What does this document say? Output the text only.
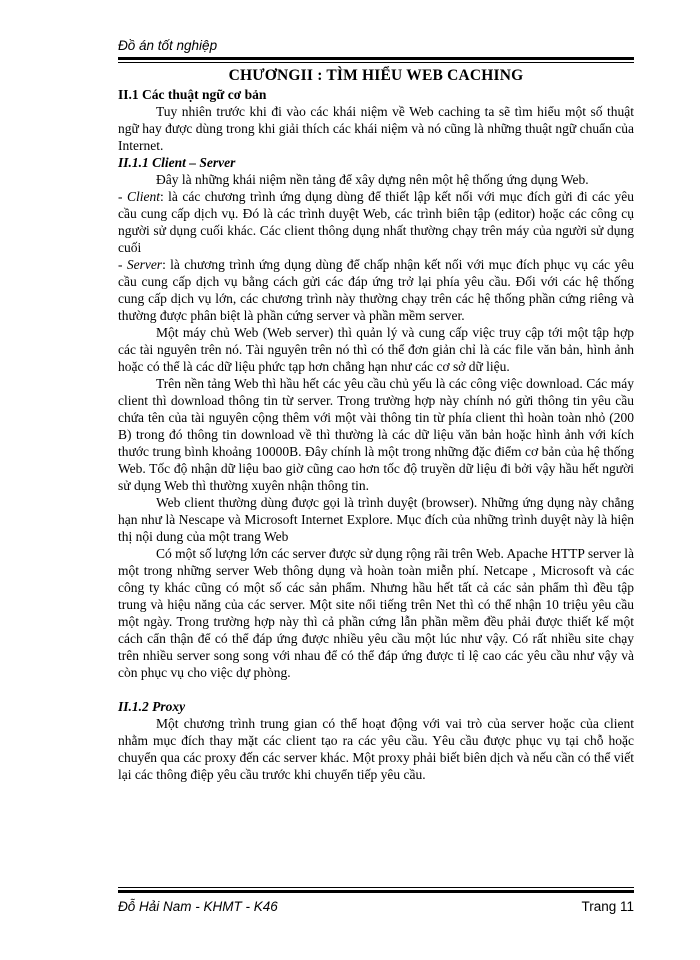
Đồ án tốt nghiệp
CHƯƠNGII : TÌM HIỂU WEB CACHING
II.1 Các thuật ngữ cơ bản

Tuy nhiên trước khi đi vào các khái niệm về Web caching ta sẽ tìm hiểu một số thuật ngữ hay được dùng trong khi giải thích các khái niệm và nó cũng là những thuật ngữ chuẩn của Internet.

II.1.1 Client – Server

Đây là những khái niệm nền tảng để xây dựng nên một hệ thống ứng dụng Web.

- Client: là các chương trình ứng dụng dùng để thiết lập kết nối với mục đích gửi đi các yêu cầu cung cấp dịch vụ. Đó là các trình duyệt Web, các trình biên tập (editor) hoặc các công cụ người sử dụng cuối khác. Các client thông dụng nhất thường chạy trên máy của người sử dụng cuối

- Server: là chương trình ứng dụng dùng để chấp nhận kết nối với mục đích phục vụ các yêu cầu cung cấp dịch vụ bằng cách gửi các đáp ứng trở lại phía yêu cầu. Đối với các hệ thống cung cấp dịch vụ lớn, các chương trình này thường chạy trên các hệ thống phần cứng riêng và thường được phân biệt là phần cứng server và phần mềm server.

Một máy chủ Web (Web server) thì quản lý và cung cấp việc truy cập tới một tập hợp các tài nguyên trên nó. Tài nguyên trên nó thì có thể đơn giản chỉ là các file văn bản, hình ảnh hoặc có thể là các dữ liệu phức tạp hơn chẳng hạn như các cơ sở dữ liệu.

Trên nền tảng Web thì hầu hết các yêu cầu chủ yếu là các công việc download. Các máy client thì download thông tin từ server. Trong trường hợp này chính nó gửi thông tin yêu cầu chứa tên của tài nguyên cộng thêm với một vài thông tin từ phía client thì hoàn toàn nhỏ (200 B) trong đó thông tin download về thì thường là các dữ liệu văn bản hoặc hình ảnh với kích thước trung bình khoảng 10000B. Đây chính là một trong những đặc điểm cơ bản của hệ thống Web. Tốc độ nhận dữ liệu bao giờ cũng cao hơn tốc độ truyền dữ liệu đi bởi vậy hầu hết người sử dụng Web thì thường xuyên nhận thông tin.

Web client thường dùng được gọi là trình duyệt (browser). Những ứng dụng này chẳng hạn như là Nescape và Microsoft Internet Explore. Mục đích của những trình duyệt này là hiện thị nội dung của một trang Web

Có một số lượng lớn các server được sử dụng rộng rãi trên Web. Apache HTTP server là một trong những server Web thông dụng và hoàn toàn miễn phí. Netcape , Microsoft và các công ty khác cũng có một số các sản phẩm. Nhưng hầu hết tất cả các sản phẩm thì đều tập trung và hiệu năng của các server. Một site nổi tiếng trên Net thì có thể nhận 10 triệu yêu cầu một ngày. Trong trường hợp này thì cả phần cứng lẫn phần mềm đều phải được thiết kế một cách cẩn thận để có thể đáp ứng được nhiều yêu cầu một lúc như vậy. Có rất nhiều site chạy trên nhiều server song song với nhau để có thể đáp ứng được tỉ lệ cao các yêu cầu như vậy và còn phục vụ cho việc dự phòng.

II.1.2 Proxy

Một chương trình trung gian có thể hoạt động với vai trò của server hoặc của client nhằm mục đích thay mặt các client tạo ra các yêu cầu. Yêu cầu được phục vụ tại chỗ hoặc chuyển qua các proxy đến các server khác. Một proxy phải biết biên dịch và nếu cần có thể viết lại các thông điệp yêu cầu trước khi chuyển tiếp yêu cầu.

Đỗ Hải Nam - KHMT - K46	Trang 11
